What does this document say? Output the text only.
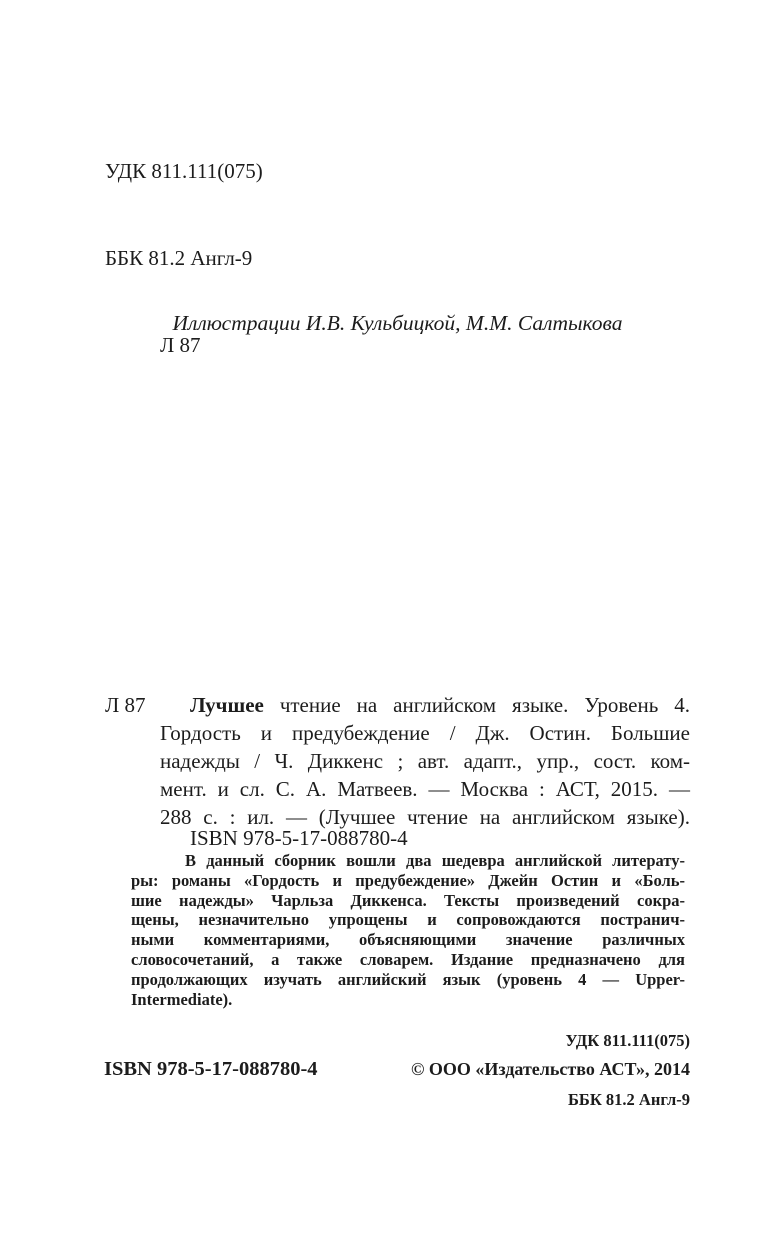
УДК 811.111(075)

ББК 81.2 Англ-9

Л 87

Иллюстрации И.В. Кульбицкой, М.М. Салтыкова
Л 87 Лучшее чтение на английском языке. Уровень 4.
Гордость и предубеждение / Дж. Остин. Большие
надежды / Ч. Диккенс ; авт. адапт., упр., сост. ком-
мент. и сл. С. А. Матвеев. — Москва : АСТ, 2015. —
288 с. : ил. — (Лучшее чтение на английском языке).
ISBN 978-5-17-088780-4
В данный сборник вошли два шедевра английской литерату-
ры: романы «Гордость и предубеждение» Джейн Остин и «Боль-
шие надежды» Чарльза Диккенса. Тексты произведений сокра-
щены, незначительно упрощены и сопровождаются постранич-
ными комментариями, объясняющими значение различных
словосочетаний, а также словарем. Издание предназначено для
продолжающих изучать английский язык (уровень 4 — Upper-
Intermediate).

УДК 811.111(075)

ББК 81.2 Англ-9

ISBN 978-5-17-088780-4	© ООО «Издательство АСТ», 2014
